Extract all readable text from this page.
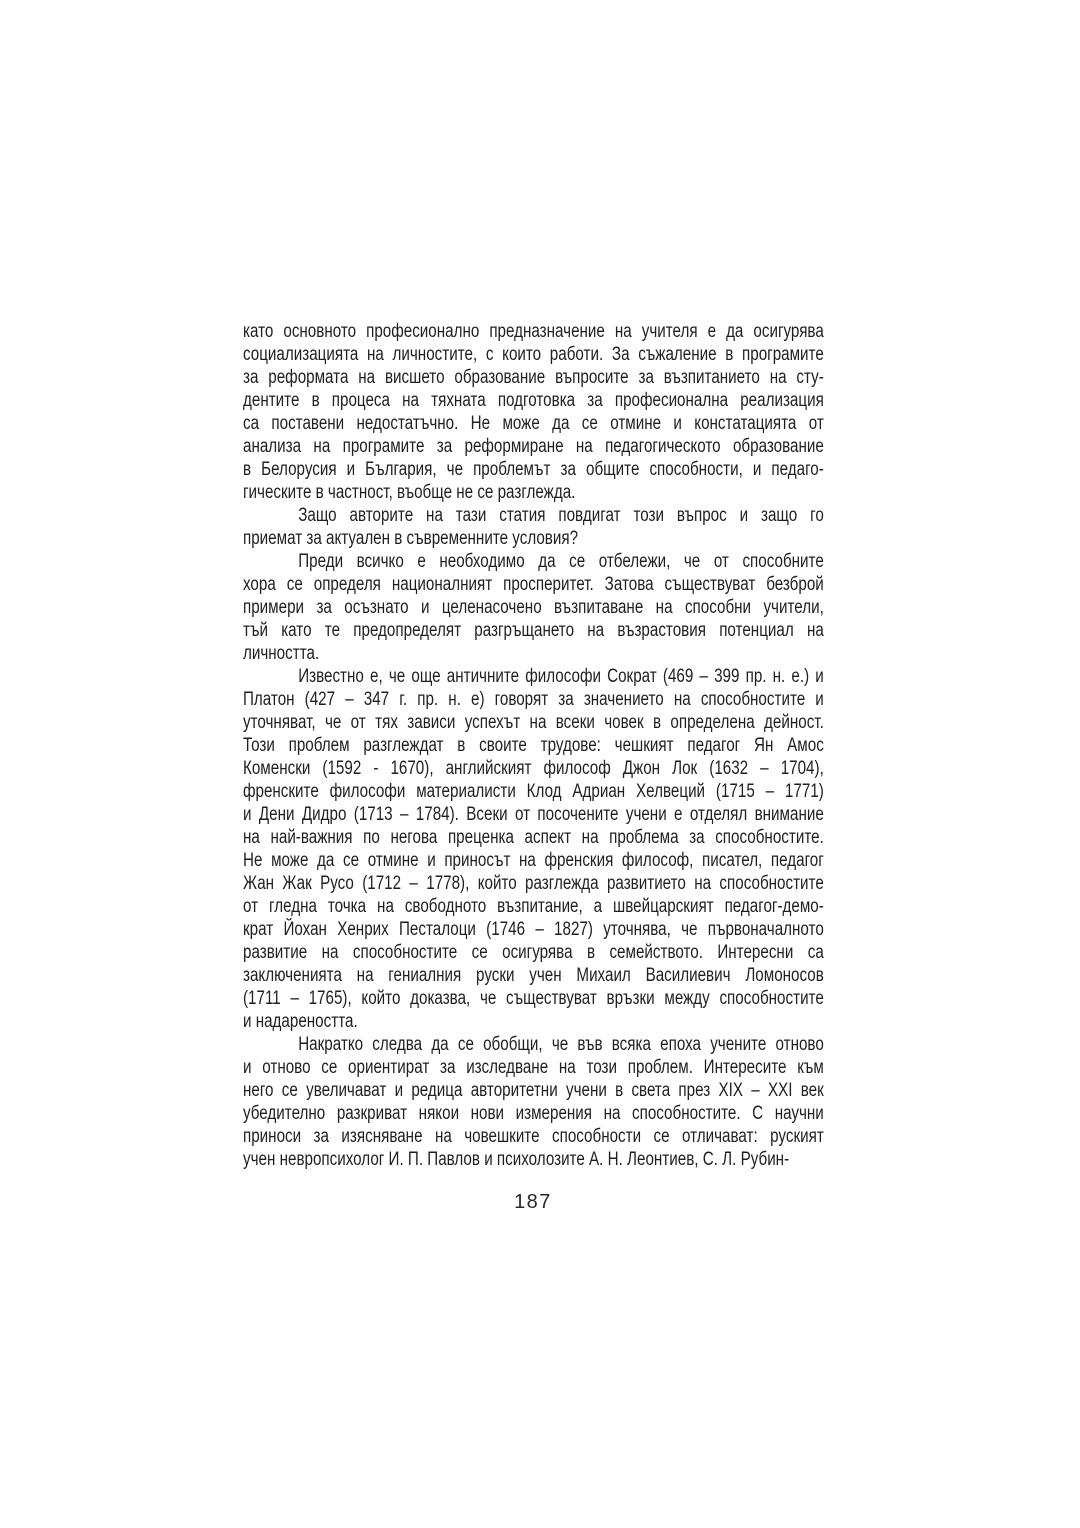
като основното професионално предназначение на учителя е да осигурява
социализацията на личностите, с които работи. За съжаление в програмите
за реформата на висшето образование въпросите за възпитанието на сту-
дентите в процеса на тяхната подготовка за професионална реализация
са поставени недостатъчно. Не може да се отмине и констатацията от
анализа на програмите за реформиране на педагогическото образование
в Белорусия и България, че проблемът за общите способности, и педаго-
гическите в частност, въобще не се разглежда.
Защо авторите на тази статия повдигат този въпрос и защо го
приемат за актуален в съвременните условия?
Преди всичко е необходимо да се отбележи, че от способните
хора се определя националният просперитет. Затова съществуват безброй
примери за осъзнато и целенасочено възпитаване на способни учители,
тъй като те предопределят разгръщането на възрастовия потенциал на
личността.
Известно е, че още античните философи Сократ (469 – 399 пр. н. е.) и
Платон (427 – 347 г. пр. н. е) говорят за значението на способностите и
уточняват, че от тях зависи успехът на всеки човек в определена дейност.
Този проблем разглеждат в своите трудове: чешкият педагог Ян Амос
Коменски (1592 - 1670), английският философ Джон Лок (1632 – 1704),
френските философи материалисти Клод Адриан Хелвеций (1715 – 1771)
и Дени Дидро (1713 – 1784). Всеки от посочените учени е отделял внимание
на най-важния по негова преценка аспект на проблема за способностите.
Не може да се отмине и приносът на френския философ, писател, педагог
Жан Жак Русо (1712 – 1778), който разглежда развитието на способностите
от гледна точка на свободното възпитание, а швейцарският педагог-демо-
крат Йохан Хенрих Песталоци (1746 – 1827) уточнява, че първоначалното
развитие на способностите се осигурява в семейството. Интересни са
заключенията на гениалния руски учен Михаил Василиевич Ломоносов
(1711 – 1765), който доказва, че съществуват връзки между способностите
и надареността.
Накратко следва да се обобщи, че във всяка епоха учените отново
и отново се ориентират за изследване на този проблем. Интересите към
него се увеличават и редица авторитетни учени в света през XIX – XXI век
убедително разкриват някои нови измерения на способностите. С научни
приноси за изясняване на човешките способности се отличават: руският
учен невропсихолог И. П. Павлов и психолозите А. Н. Леонтиев, С. Л. Рубин-
187
